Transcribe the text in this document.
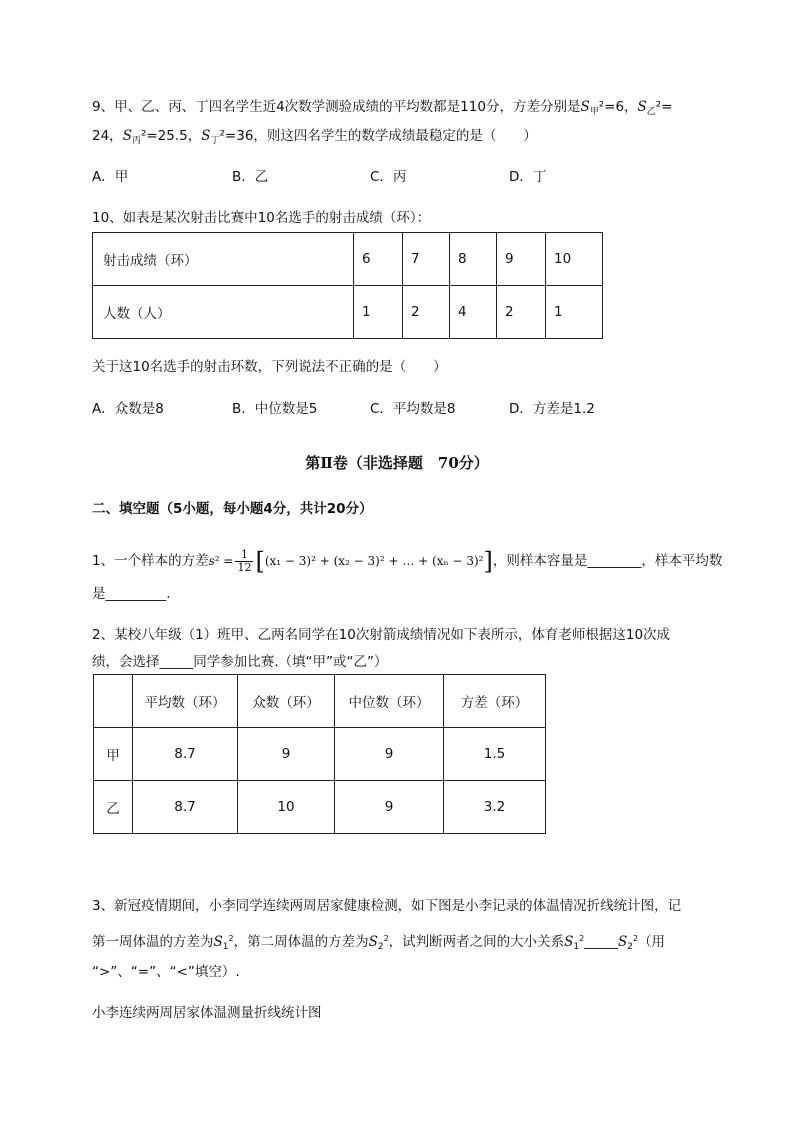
9、甲、乙、丙、丁四名学生近4次数学测验成绩的平均数都是110分，方差分别是$S_甲^2=6$，$S_乙^2=$
24，$S_丙^2=25.5$，$S_丁^2=36$，则这四名学生的数学成绩最稳定的是（　　）
A．甲	B．乙	C．丙	D．丁
10、如表是某次射击比赛中10名选手的射击成绩（环）：
射击成绩（环）	6	7	8	9	10
人数（人）	1	2	4	2	1
关于这10名选手的射击环数，下列说法不正确的是（　　）
A．众数是8	B．中位数是5	C．平均数是8	D．方差是1.2
第Ⅱ卷（非选择题　70分）
二、填空题（5小题，每小题4分，共计20分）
1、一个样本的方差$s^2 = \frac{1}{12} [(x_1 - 3)^2 + (x_2 - 3)^2$ + … + (xₙ − 3)²]，则样本容量是________，样本平均数
是_________.
2、某校八年级（1）班甲、乙两名同学在10次射箭成绩情况如下表所示，体育老师根据这10次成
绩，会选择_____同学参加比赛.（填“甲”或“乙”）
	平均数（环）	众数（环）	中位数（环）	方差（环）
甲	8.7	9	9	1.5
乙	8.7	10	9	3.2
3、新冠疫情期间，小李同学连续两周居家健康检测，如下图是小李记录的体温情况折线统计图，记
第一周体温的方差为$S_1^2$，第二周体温的方差为$S_2^2$，试判断两者之间的大小关系$S_1^2\_\_\_\_\_S_2^2$（用
“>”、“=”、“<”填空）.
小李连续两周居家体温测量折线统计图
